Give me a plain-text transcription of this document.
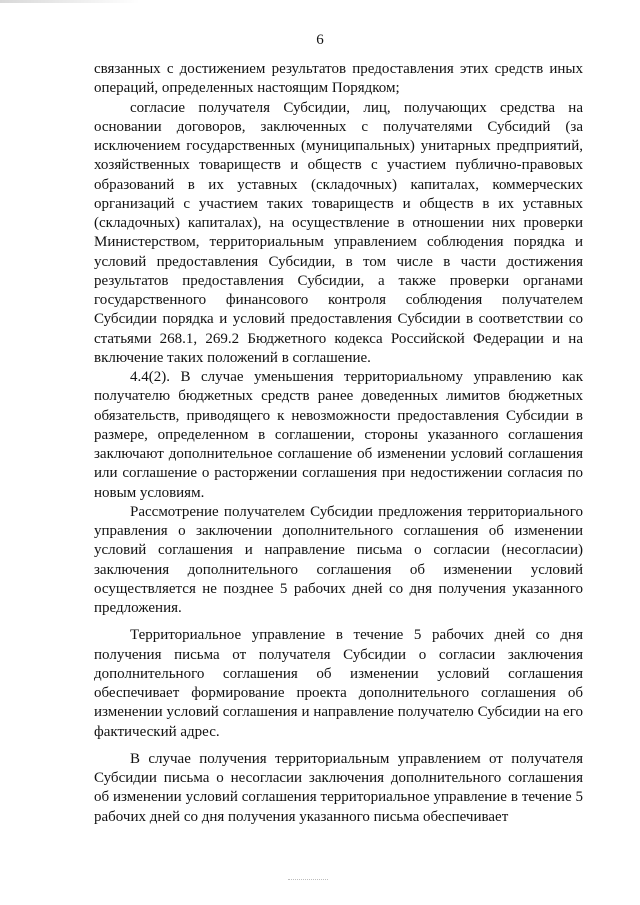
6

связанных с достижением результатов предоставления этих средств иных операций, определенных настоящим Порядком;

согласие получателя Субсидии, лиц, получающих средства на основании договоров, заключенных с получателями Субсидий (за исключением государственных (муниципальных) унитарных предприятий, хозяйственных товариществ и обществ с участием публично-правовых образований в их уставных (складочных) капиталах, коммерческих организаций с участием таких товариществ и обществ в их уставных (складочных) капиталах), на осуществление в отношении них проверки Министерством, территориальным управлением соблюдения порядка и условий предоставления Субсидии, в том числе в части достижения результатов предоставления Субсидии, а также проверки органами государственного финансового контроля соблюдения получателем Субсидии порядка и условий предоставления Субсидии в соответствии со статьями 268.1, 269.2 Бюджетного кодекса Российской Федерации и на включение таких положений в соглашение.

4.4(2). В случае уменьшения территориальному управлению как получателю бюджетных средств ранее доведенных лимитов бюджетных обязательств, приводящего к невозможности предоставления Субсидии в размере, определенном в соглашении, стороны указанного соглашения заключают дополнительное соглашение об изменении условий соглашения или соглашение о расторжении соглашения при недостижении согласия по новым условиям.

Рассмотрение получателем Субсидии предложения территориального управления о заключении дополнительного соглашения об изменении условий соглашения и направление письма о согласии (несогласии) заключения дополнительного соглашения об изменении условий осуществляется не позднее 5 рабочих дней со дня получения указанного предложения.

Территориальное управление в течение 5 рабочих дней со дня получения письма от получателя Субсидии о согласии заключения дополнительного соглашения об изменении условий соглашения обеспечивает формирование проекта дополнительного соглашения об изменении условий соглашения и направление получателю Субсидии на его фактический адрес.

В случае получения территориальным управлением от получателя Субсидии письма о несогласии заключения дополнительного соглашения об изменении условий соглашения территориальное управление в течение 5 рабочих дней со дня получения указанного письма обеспечивает
